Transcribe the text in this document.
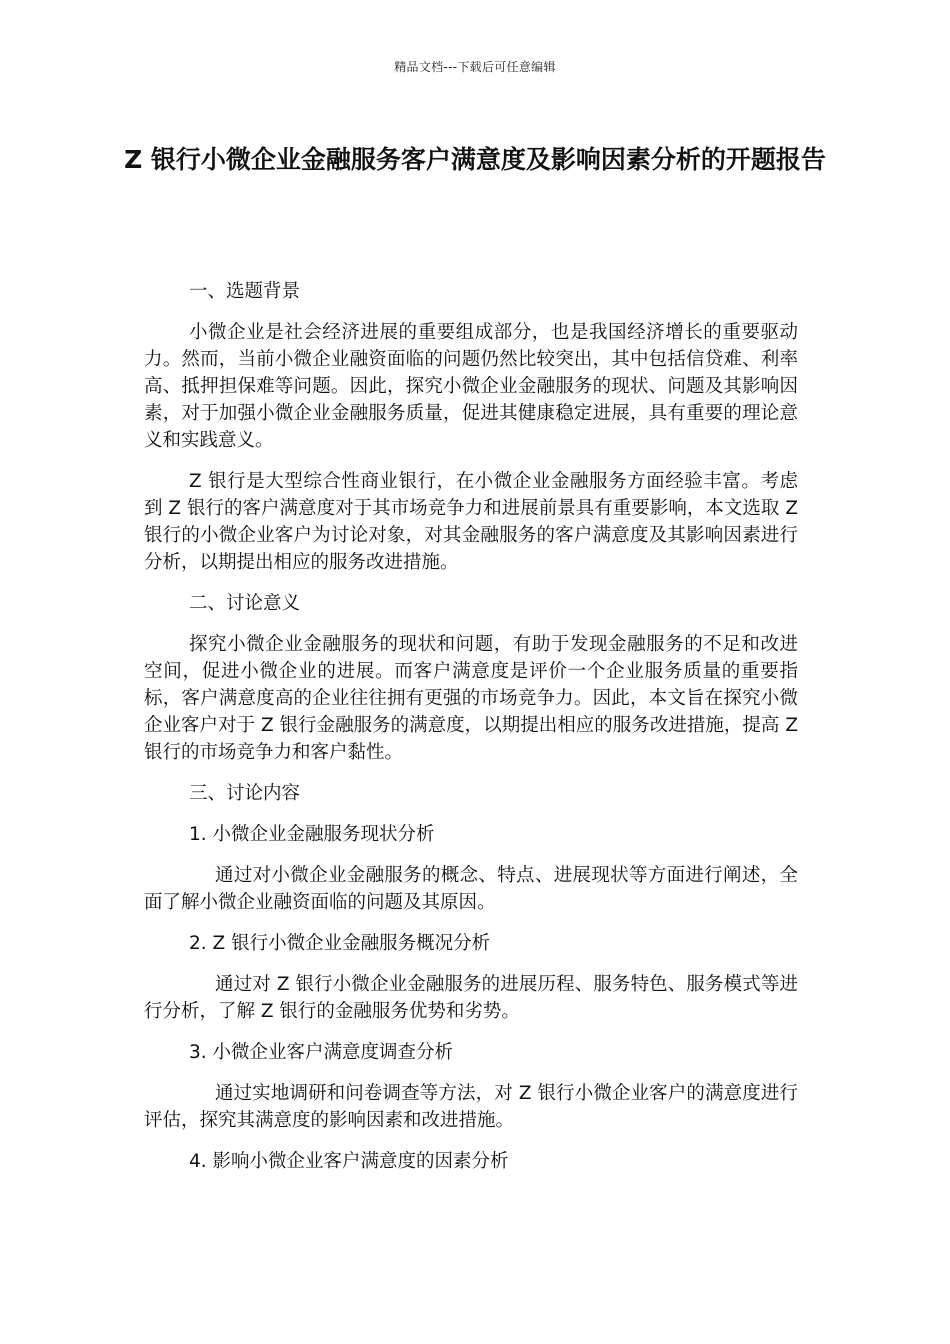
精品文档---下载后可任意编辑
Z 银行小微企业金融服务客户满意度及影响因素分析的开题报告

一、选题背景

小微企业是社会经济进展的重要组成部分，也是我国经济增长的重要驱动力。然而，当前小微企业融资面临的问题仍然比较突出，其中包括信贷难、利率高、抵押担保难等问题。因此，探究小微企业金融服务的现状、问题及其影响因素，对于加强小微企业金融服务质量，促进其健康稳定进展，具有重要的理论意义和实践意义。

Z 银行是大型综合性商业银行，在小微企业金融服务方面经验丰富。考虑到 Z 银行的客户满意度对于其市场竞争力和进展前景具有重要影响，本文选取 Z 银行的小微企业客户为讨论对象，对其金融服务的客户满意度及其影响因素进行分析，以期提出相应的服务改进措施。

二、讨论意义

探究小微企业金融服务的现状和问题，有助于发现金融服务的不足和改进空间，促进小微企业的进展。而客户满意度是评价一个企业服务质量的重要指标，客户满意度高的企业往往拥有更强的市场竞争力。因此，本文旨在探究小微企业客户对于 Z 银行金融服务的满意度，以期提出相应的服务改进措施，提高 Z 银行的市场竞争力和客户黏性。

三、讨论内容

1. 小微企业金融服务现状分析

通过对小微企业金融服务的概念、特点、进展现状等方面进行阐述，全面了解小微企业融资面临的问题及其原因。

2. Z 银行小微企业金融服务概况分析

通过对 Z 银行小微企业金融服务的进展历程、服务特色、服务模式等进行分析，了解 Z 银行的金融服务优势和劣势。

3. 小微企业客户满意度调查分析

通过实地调研和问卷调查等方法，对 Z 银行小微企业客户的满意度进行评估，探究其满意度的影响因素和改进措施。

4. 影响小微企业客户满意度的因素分析
